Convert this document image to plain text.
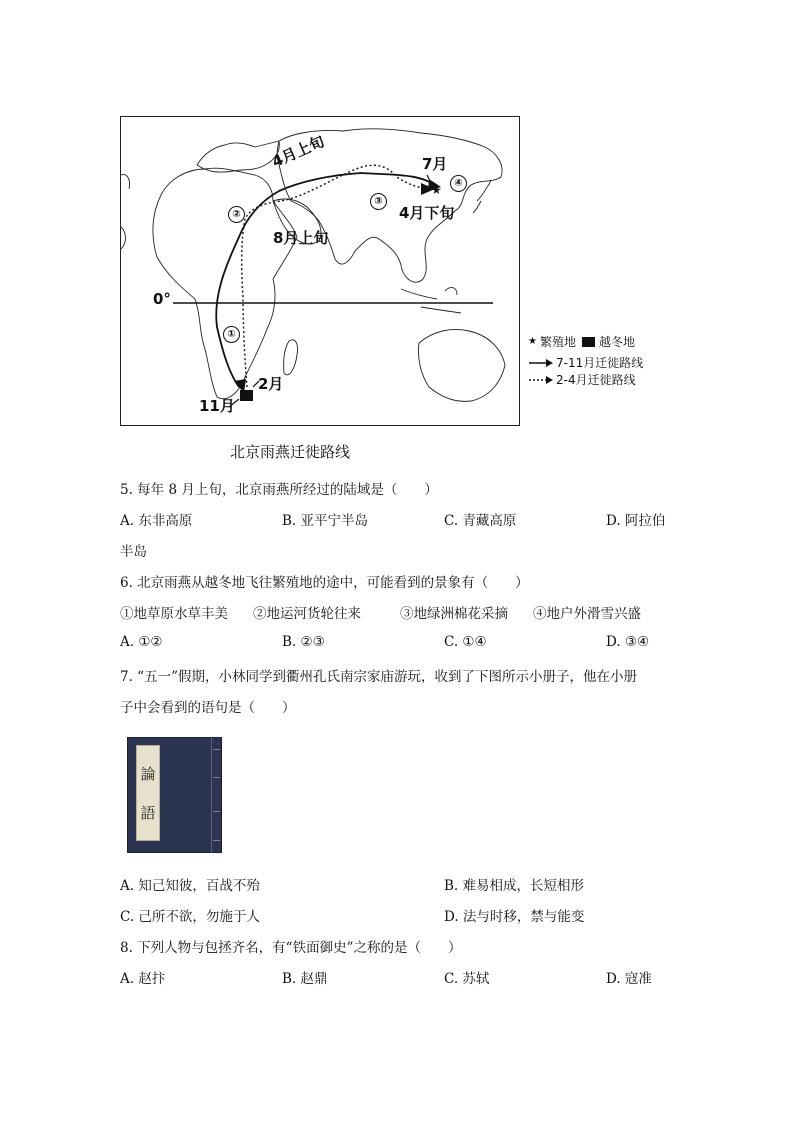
★
4月上旬	7月
4月下旬
8月上旬
0°
2月
11月
①
②
③
④
★ 繁殖地 越冬地
7-11月迁徙路线
2-4月迁徙路线
北京雨燕迁徙路线
5. 每年 8 月上旬，北京雨燕所经过的陆域是（　　）
A. 东非高原	B. 亚平宁半岛	C. 青藏高原	D. 阿拉伯
半岛
6. 北京雨燕从越冬地飞往繁殖地的途中，可能看到的景象有（　　）
①地草原水草丰美 ②地运河货轮往来	③地绿洲棉花采摘 ④地户外滑雪兴盛
A. ①②	B. ②③	C. ①④	D. ③④
7. “五一”假期，小林同学到衢州孔氏南宗家庙游玩，收到了下图所示小册子，他在小册
子中会看到的语句是（　　）
論
語
A. 知己知彼，百战不殆	B. 难易相成，长短相形
C. 己所不欲，勿施于人	D. 法与时移，禁与能变
8. 下列人物与包拯齐名，有“铁面御史”之称的是（　　）
A. 赵抃	B. 赵鼎	C. 苏轼	D. 寇准
